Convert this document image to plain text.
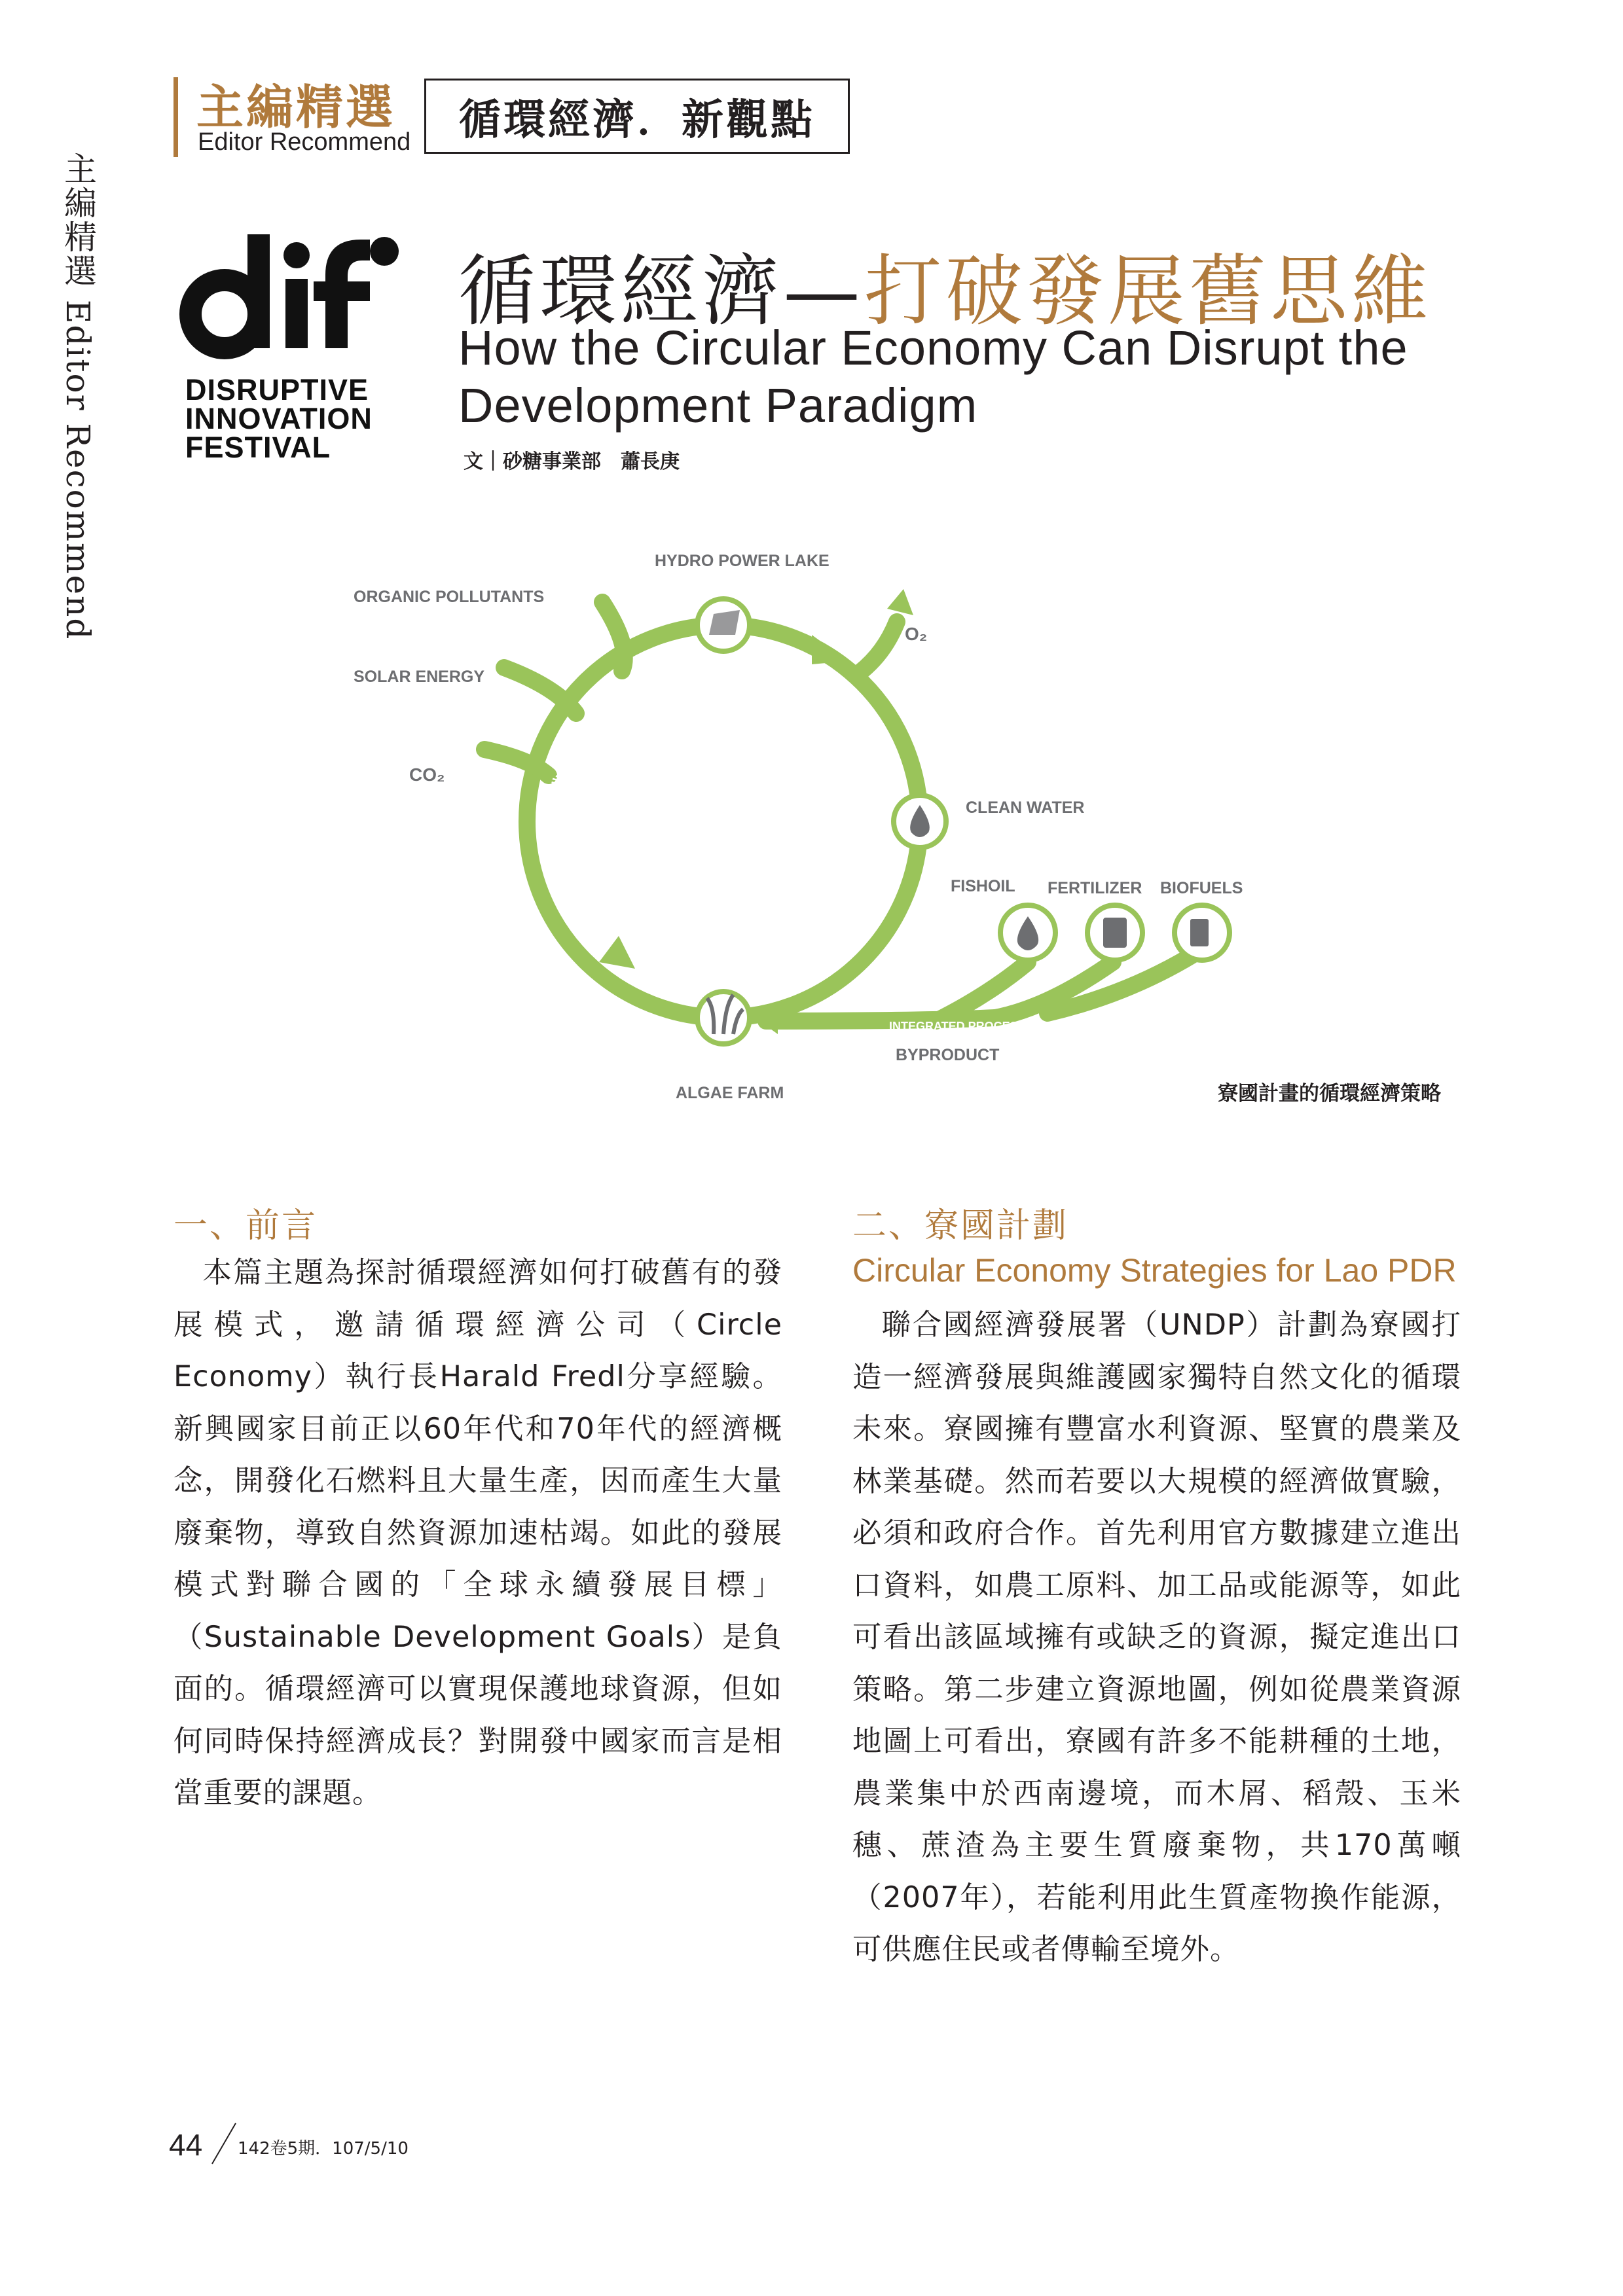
主編精選 Editor Recommend
主編精選
Editor Recommend	循環經濟．新觀點
DISRUPTIVE
INNOVATION
FESTIVAL
循環經濟—打破發展舊思維
How the Circular Economy Can Disrupt the Development Paradigm
文｜砂糖事業部　蕭長庚
HYDRO POWER LAKE
ORGANIC POLLUTANTS
SOLAR ENERGY
CO₂
O₂
CLEAN WATER
FISHOIL FERTILIZER BIOFUELS
INTEGRATED PROCESS
BYPRODUCT
ALGAE FARM
Organic polluted water
寮國計畫的循環經濟策略
一、前言
本篇主題為探討循環經濟如何打破舊有的發展模式，邀請循環經濟公司（Circle Economy）執行長Harald Fredl分享經驗。新興國家目前正以60年代和70年代的經濟概念，開發化石燃料且大量生產，因而產生大量廢棄物，導致自然資源加速枯竭。如此的發展模式對聯合國的「全球永續發展目標」（Sustainable Development Goals）是負面的。循環經濟可以實現保護地球資源，但如何同時保持經濟成長？對開發中國家而言是相當重要的課題。
二、寮國計劃
Circular Economy Strategies for Lao PDR
聯合國經濟發展署（UNDP）計劃為寮國打造一經濟發展與維護國家獨特自然文化的循環未來。寮國擁有豐富水利資源、堅實的農業及林業基礎。然而若要以大規模的經濟做實驗，必須和政府合作。首先利用官方數據建立進出口資料，如農工原料、加工品或能源等，如此可看出該區域擁有或缺乏的資源，擬定進出口策略。第二步建立資源地圖，例如從農業資源地圖上可看出，寮國有許多不能耕種的土地，農業集中於西南邊境，而木屑、稻殼、玉米穗、蔗渣為主要生質廢棄物，共170萬噸（2007年），若能利用此生質產物換作能源，可供應住民或者傳輸至境外。
44 142卷5期．107/5/10
